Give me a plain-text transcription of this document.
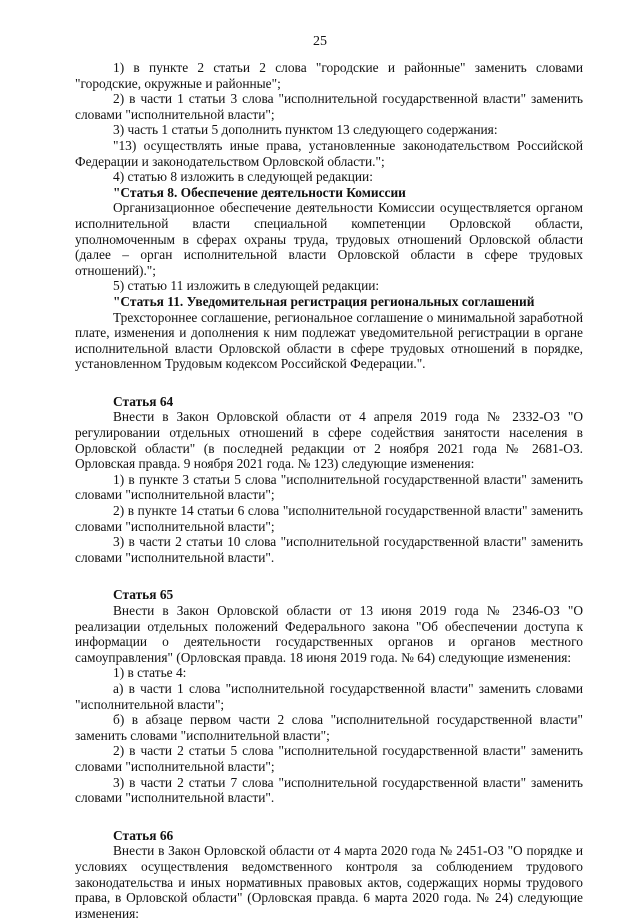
25

1) в пункте 2 статьи 2 слова "городские и районные" заменить словами "городские, окружные и районные";

2) в части 1 статьи 3 слова "исполнительной государственной власти" заменить словами "исполнительной власти";

3) часть 1 статьи 5 дополнить пунктом 13 следующего содержания:

"13) осуществлять иные права, установленные законодательством Российской Федерации и законодательством Орловской области.";

4) статью 8 изложить в следующей редакции:

"Статья 8. Обеспечение деятельности Комиссии

Организационное обеспечение деятельности Комиссии осуществляется органом исполнительной власти специальной компетенции Орловской области, уполномоченным в сферах охраны труда, трудовых отношений Орловской области (далее – орган исполнительной власти Орловской области в сфере трудовых отношений).";

5) статью 11 изложить в следующей редакции:

"Статья 11. Уведомительная регистрация региональных соглашений

Трехстороннее соглашение, региональное соглашение о минимальной заработной плате, изменения и дополнения к ним подлежат уведомительной регистрации в органе исполнительной власти Орловской области в сфере трудовых отношений в порядке, установленном Трудовым кодексом Российской Федерации.".

Статья 64

Внести в Закон Орловской области от 4 апреля 2019 года № 2332-ОЗ "О регулировании отдельных отношений в сфере содействия занятости населения в Орловской области" (в последней редакции от 2 ноября 2021 года № 2681-ОЗ. Орловская правда. 9 ноября 2021 года. № 123) следующие изменения:

1) в пункте 3 статьи 5 слова "исполнительной государственной власти" заменить словами "исполнительной власти";

2) в пункте 14 статьи 6 слова "исполнительной государственной власти" заменить словами "исполнительной власти";

3) в части 2 статьи 10 слова "исполнительной государственной власти" заменить словами "исполнительной власти".

Статья 65

Внести в Закон Орловской области от 13 июня 2019 года № 2346-ОЗ "О реализации отдельных положений Федерального закона "Об обеспечении доступа к информации о деятельности государственных органов и органов местного самоуправления" (Орловская правда. 18 июня 2019 года. № 64) следующие изменения:

1) в статье 4:

а) в части 1 слова "исполнительной государственной власти" заменить словами "исполнительной власти";

б) в абзаце первом части 2 слова "исполнительной государственной власти" заменить словами "исполнительной власти";

2) в части 2 статьи 5 слова "исполнительной государственной власти" заменить словами "исполнительной власти";

3) в части 2 статьи 7 слова "исполнительной государственной власти" заменить словами "исполнительной власти".

Статья 66

Внести в Закон Орловской области от 4 марта 2020 года № 2451-ОЗ "О порядке и условиях осуществления ведомственного контроля за соблюдением трудового законодательства и иных нормативных правовых актов, содержащих нормы трудового права, в Орловской области" (Орловская правда. 6 марта 2020 года. № 24) следующие изменения:
